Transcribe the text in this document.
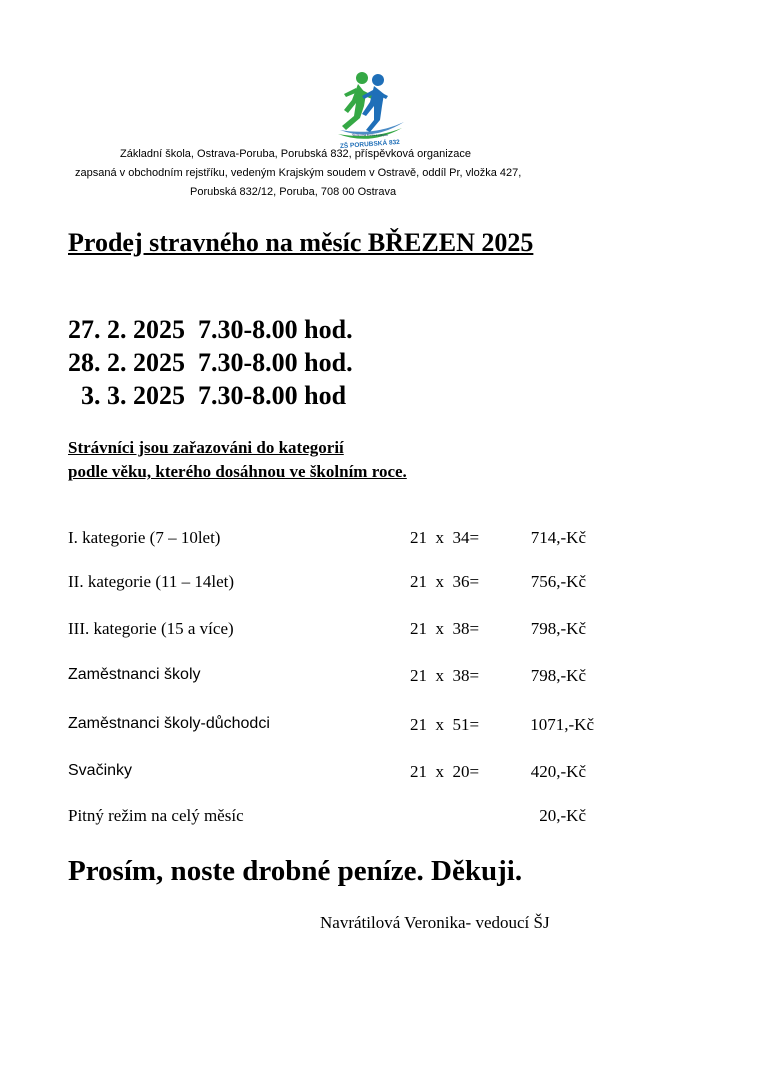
Škola plná života a pohybu
ZŠ PORUBSKÁ 832
Základní škola, Ostrava-Poruba, Porubská 832, příspěvková organizace
zapsaná v obchodním rejstříku, vedeným Krajským soudem v Ostravě, oddíl Pr, vložka 427,
Porubská 832/12, Poruba, 708 00 Ostrava
Prodej stravného na měsíc BŘEZEN 2025
27. 2. 2025  7.30-8.00 hod.
28. 2. 2025  7.30-8.00 hod.
3. 3. 2025  7.30-8.00 hod
Strávníci jsou zařazováni do kategorií
podle věku, kterého dosáhnou ve školním roce.
I. kategorie (7 – 10let)	21  x  34=	714,-Kč
II. kategorie (11 – 14let)	21  x  36=	756,-Kč
III. kategorie (15 a více)	21  x  38=	798,-Kč
Zaměstnanci školy	21  x  38=	798,-Kč
Zaměstnanci školy-důchodci	21  x  51=	1071,-Kč
Svačinky	21  x  20=	420,-Kč
Pitný režim na celý měsíc	20,-Kč
Prosím, noste drobné peníze. Děkuji.
Navrátilová Veronika- vedoucí ŠJ
